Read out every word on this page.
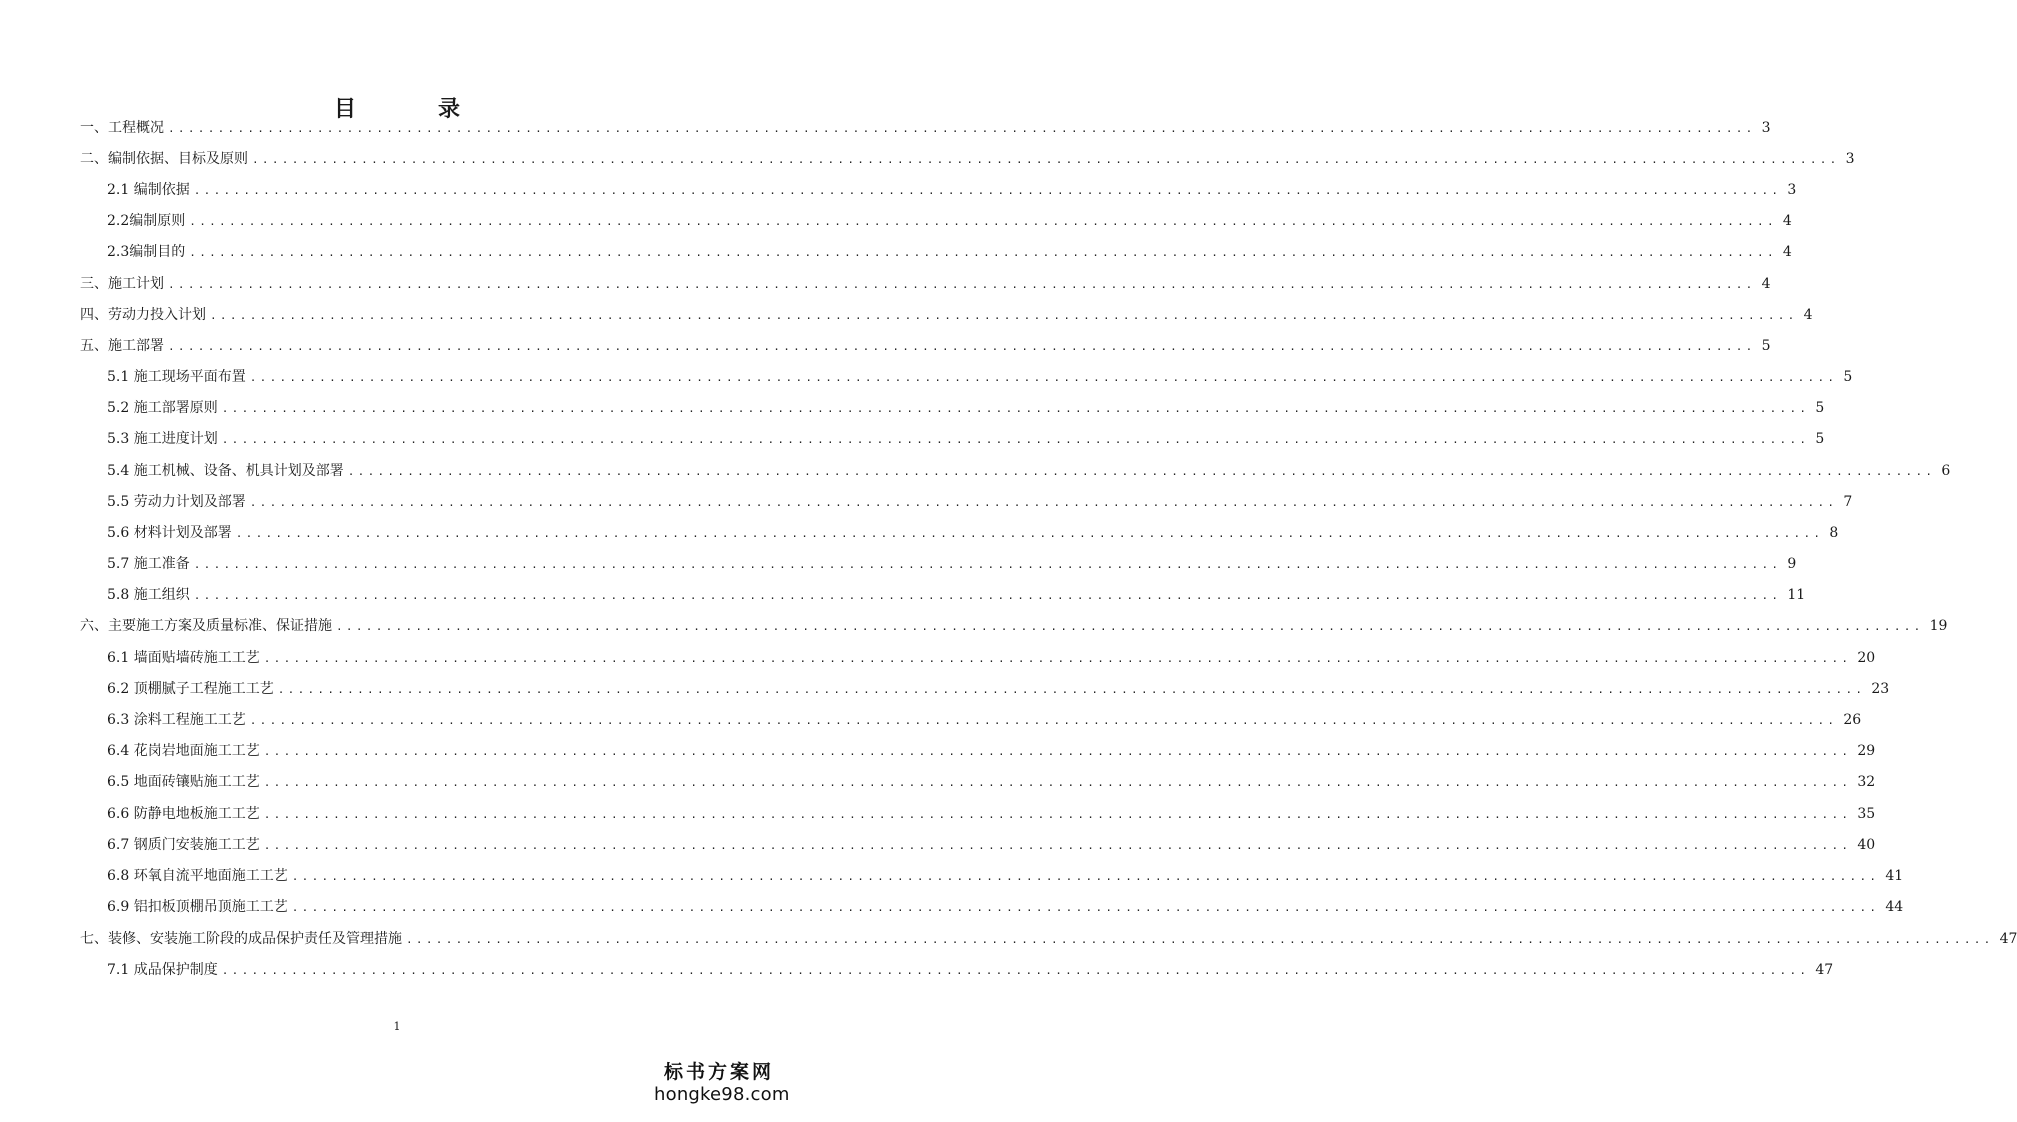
目　录
一、工程概况 ................................................................................................................................................................ 3
二、编制依据、目标及原则 ................................................................................................................................................................ 3
2.1 编制依据 ................................................................................................................................................................ 3
2.2编制原则 ................................................................................................................................................................ 4
2.3编制目的 ................................................................................................................................................................ 4
三、施工计划 ................................................................................................................................................................ 4
四、劳动力投入计划 ................................................................................................................................................................ 4
五、施工部署 ................................................................................................................................................................ 5
5.1 施工现场平面布置 ................................................................................................................................................................ 5
5.2 施工部署原则 ................................................................................................................................................................ 5
5.3 施工进度计划 ................................................................................................................................................................ 5
5.4 施工机械、设备、机具计划及部署 ................................................................................................................................................................ 6
5.5 劳动力计划及部署 ................................................................................................................................................................ 7
5.6 材料计划及部署 ................................................................................................................................................................ 8
5.7 施工准备 ................................................................................................................................................................ 9
5.8 施工组织 ................................................................................................................................................................ 11
六、主要施工方案及质量标准、保证措施 ................................................................................................................................................................ 19
6.1 墙面贴墙砖施工工艺 ................................................................................................................................................................ 20
6.2 顶棚腻子工程施工工艺 ................................................................................................................................................................ 23
6.3 涂料工程施工工艺 ................................................................................................................................................................ 26
6.4 花岗岩地面施工工艺 ................................................................................................................................................................ 29
6.5 地面砖镶贴施工工艺 ................................................................................................................................................................ 32
6.6 防静电地板施工工艺 ................................................................................................................................................................ 35
6.7 钢质门安装施工工艺 ................................................................................................................................................................ 40
6.8 环氧自流平地面施工工艺 ................................................................................................................................................................ 41
6.9 铝扣板顶棚吊顶施工工艺 ................................................................................................................................................................ 44
七、装修、安装施工阶段的成品保护责任及管理措施 ................................................................................................................................................................ 47
7.1 成品保护制度 ................................................................................................................................................................ 47
1
标书方案网
hongke98.com
